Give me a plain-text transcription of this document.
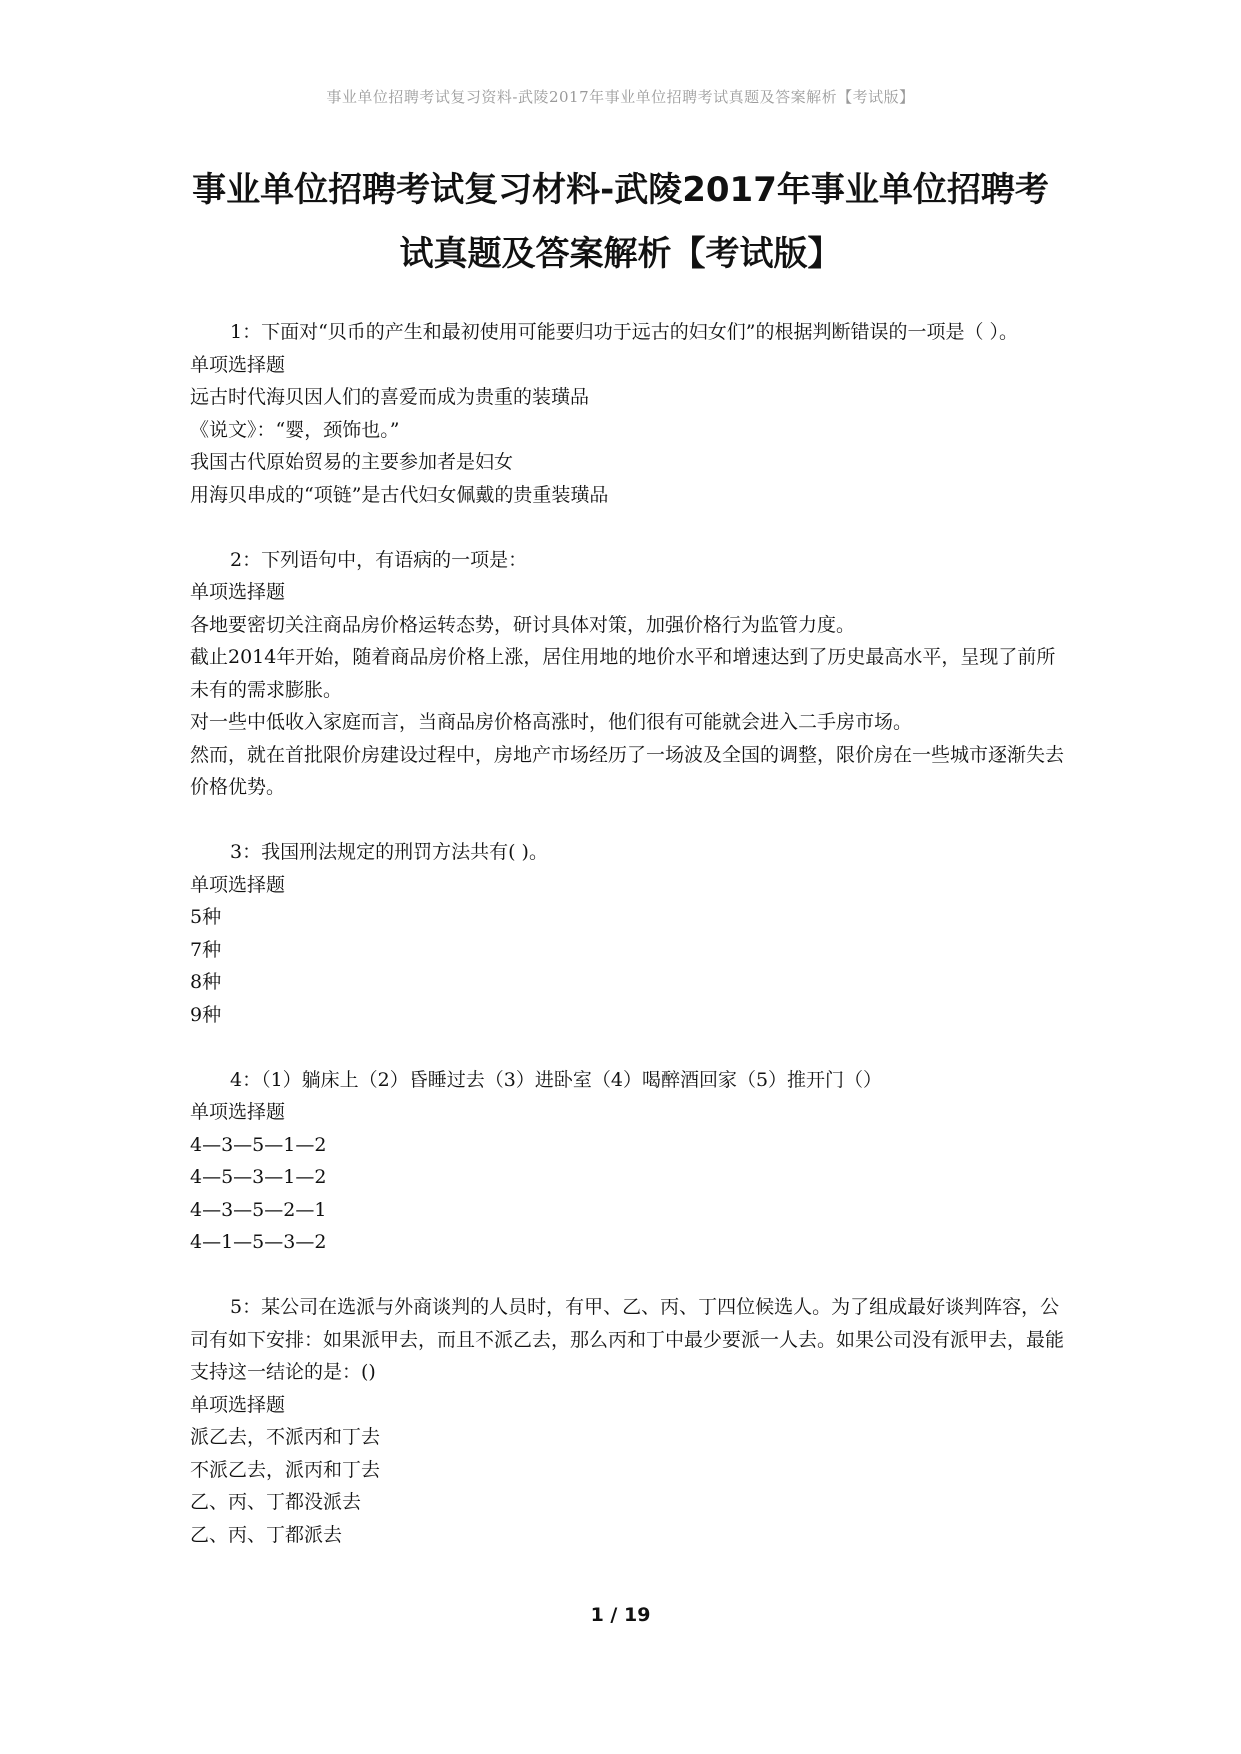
事业单位招聘考试复习资料-武陵2017年事业单位招聘考试真题及答案解析【考试版】
事业单位招聘考试复习材料-武陵2017年事业单位招聘考
试真题及答案解析【考试版】

1：下面对“贝币的产生和最初使用可能要归功于远古的妇女们”的根据判断错误的一项是（ ）。

单项选择题

远古时代海贝因人们的喜爱而成为贵重的装璜品

《说文》：“婴，颈饰也。”

我国古代原始贸易的主要参加者是妇女

用海贝串成的“项链”是古代妇女佩戴的贵重装璜品

2：下列语句中，有语病的一项是：

单项选择题

各地要密切关注商品房价格运转态势，研讨具体对策，加强价格行为监管力度。

截止2014年开始，随着商品房价格上涨，居住用地的地价水平和增速达到了历史最高水平，呈现了前所未有的需求膨胀。

对一些中低收入家庭而言，当商品房价格高涨时，他们很有可能就会进入二手房市场。

然而，就在首批限价房建设过程中，房地产市场经历了一场波及全国的调整，限价房在一些城市逐渐失去价格优势。

3：我国刑法规定的刑罚方法共有( )。

单项选择题

5种

7种

8种

9种

4：（1）躺床上（2）昏睡过去（3）进卧室（4）喝醉酒回家（5）推开门（）

单项选择题

4—3—5—1—2

4—5—3—1—2

4—3—5—2—1

4—1—5—3—2

5：某公司在选派与外商谈判的人员时，有甲、乙、丙、丁四位候选人。为了组成最好谈判阵容，公司有如下安排：如果派甲去，而且不派乙去，那么丙和丁中最少要派一人去。如果公司没有派甲去，最能支持这一结论的是：()

单项选择题

派乙去，不派丙和丁去

不派乙去，派丙和丁去

乙、丙、丁都没派去

乙、丙、丁都派去

1 / 19
